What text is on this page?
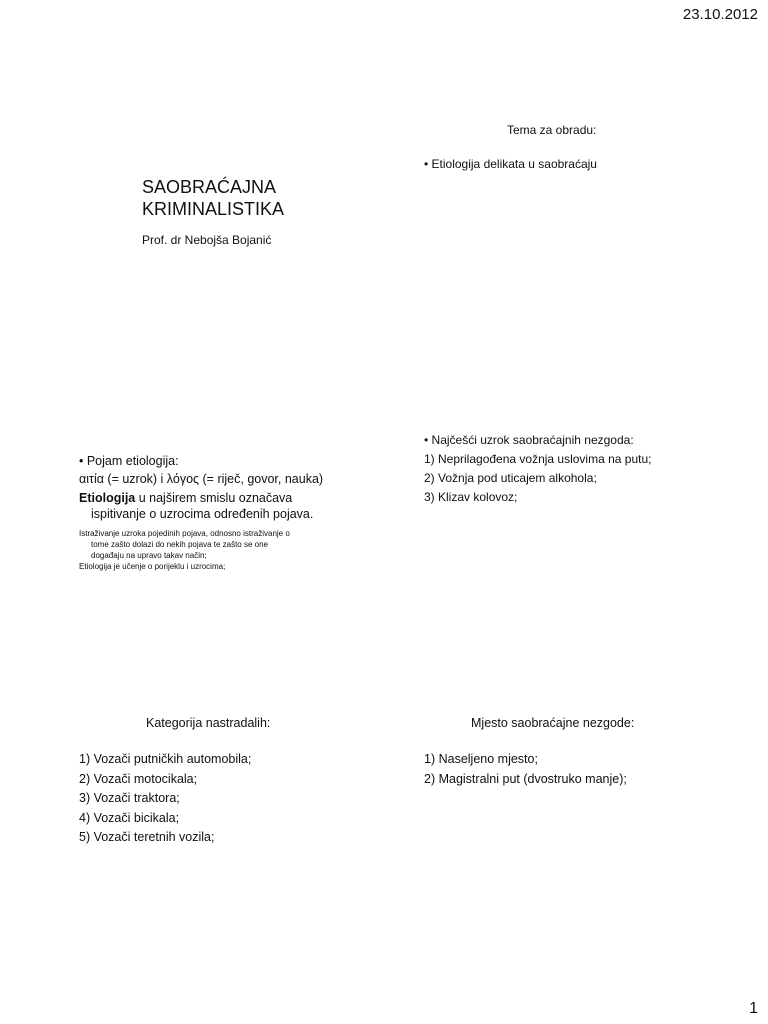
23.10.2012
SAOBRAĆAJNA
KRIMINALISTIKA
Prof. dr Nebojša Bojanić
Tema za obradu:
• Etiologija delikata u saobraćaju
• Pojam etiologija:
αιτία (= uzrok) i λόγος (= riječ, govor, nauka)
Etiologija u najširem smislu označava
ispitivanje o uzrocima određenih pojava.
Istraživanje uzroka pojedinih pojava, odnosno istraživanje o
tome zašto dolazi do nekih pojava te zašto se one
događaju na upravo takav način;
Etiologija je učenje o porijeklu i uzrocima;
• Najčešći uzrok saobraćajnih nezgoda:
1) Neprilagođena vožnja uslovima na putu;
2) Vožnja pod uticajem alkohola;
3) Klizav kolovoz;
Kategorija nastradalih:
1) Vozači putničkih automobila;
2) Vozači motocikala;
3) Vozači traktora;
4) Vozači bicikala;
5) Vozači teretnih vozila;
Mjesto saobraćajne nezgode:
1) Naseljeno mjesto;
2) Magistralni put (dvostruko manje);
1
